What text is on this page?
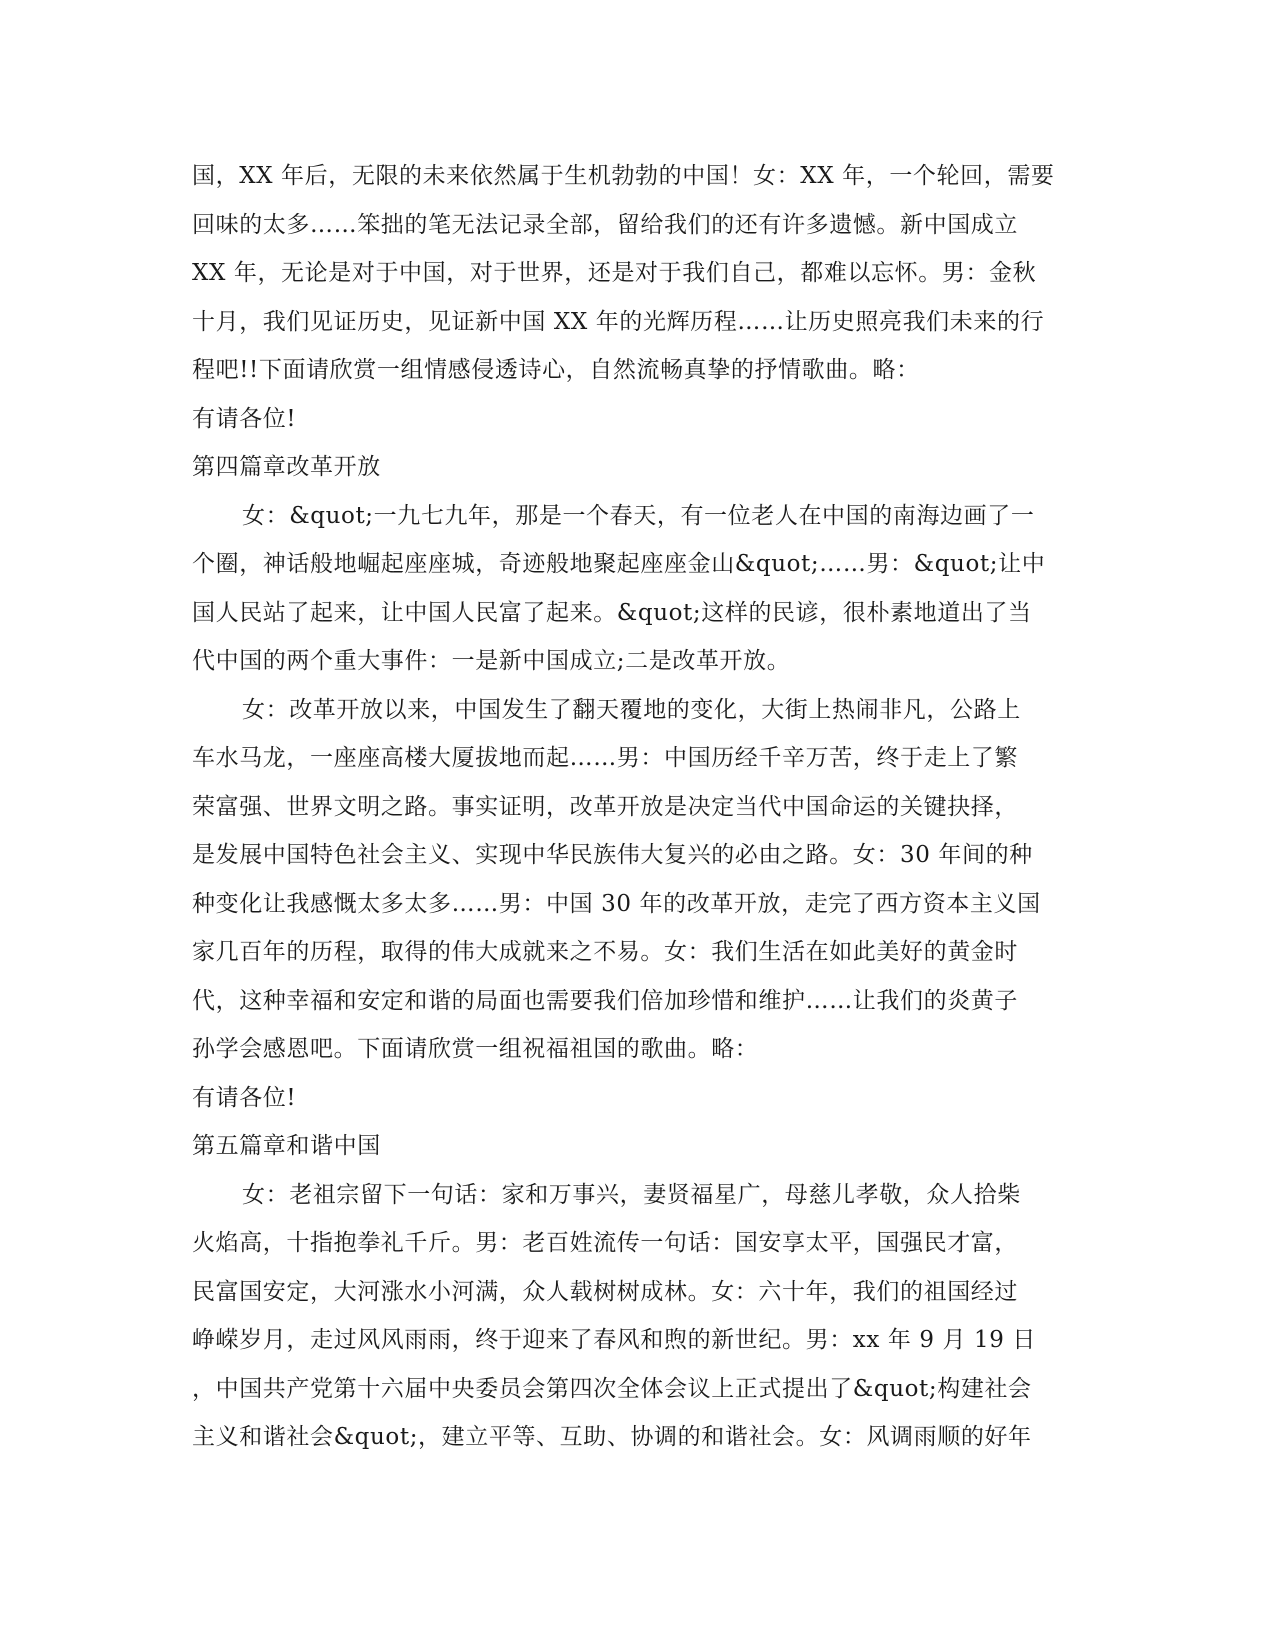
国，XX 年后，无限的未来依然属于生机勃勃的中国！女：XX 年，一个轮回，需要
回味的太多……笨拙的笔无法记录全部，留给我们的还有许多遗憾。新中国成立
XX 年，无论是对于中国，对于世界，还是对于我们自己，都难以忘怀。男：金秋
十月，我们见证历史，见证新中国 XX 年的光辉历程……让历史照亮我们未来的行
程吧!!下面请欣赏一组情感侵透诗心，自然流畅真挚的抒情歌曲。略：

有请各位!

第四篇章改革开放

女：&quot;一九七九年，那是一个春天，有一位老人在中国的南海边画了一
个圈，神话般地崛起座座城，奇迹般地聚起座座金山&quot;……男：&quot;让中
国人民站了起来，让中国人民富了起来。&quot;这样的民谚，很朴素地道出了当
代中国的两个重大事件：一是新中国成立;二是改革开放。

女：改革开放以来，中国发生了翻天覆地的变化，大街上热闹非凡，公路上
车水马龙，一座座高楼大厦拔地而起……男：中国历经千辛万苦，终于走上了繁
荣富强、世界文明之路。事实证明，改革开放是决定当代中国命运的关键抉择，
是发展中国特色社会主义、实现中华民族伟大复兴的必由之路。女：30 年间的种
种变化让我感慨太多太多……男：中国 30 年的改革开放，走完了西方资本主义国
家几百年的历程，取得的伟大成就来之不易。女：我们生活在如此美好的黄金时
代，这种幸福和安定和谐的局面也需要我们倍加珍惜和维护……让我们的炎黄子
孙学会感恩吧。下面请欣赏一组祝福祖国的歌曲。略：

有请各位!

第五篇章和谐中国

女：老祖宗留下一句话：家和万事兴，妻贤福星广，母慈儿孝敬，众人拾柴
火焰高，十指抱拳礼千斤。男：老百姓流传一句话：国安享太平，国强民才富，
民富国安定，大河涨水小河满，众人载树树成林。女：六十年，我们的祖国经过
峥嵘岁月，走过风风雨雨，终于迎来了春风和煦的新世纪。男：xx 年 9 月 19 日
，中国共产党第十六届中央委员会第四次全体会议上正式提出了&quot;构建社会
主义和谐社会&quot;，建立平等、互助、协调的和谐社会。女：风调雨顺的好年
